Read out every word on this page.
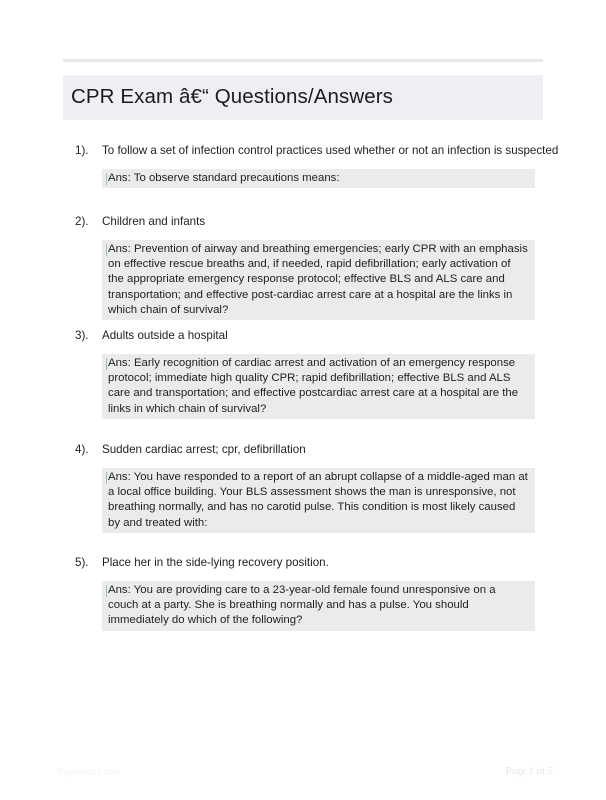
CPR Exam â€“ Questions/Answers
1). To follow a set of infection control practices used whether or not an infection is suspected
Ans: To observe standard precautions means:
2). Children and infants
Ans: Prevention of airway and breathing emergencies; early CPR with an emphasis on effective rescue breaths and, if needed, rapid defibrillation; early activation of the appropriate emergency response protocol; effective BLS and ALS care and transportation; and effective post-cardiac arrest care at a hospital are the links in which chain of survival?
3). Adults outside a hospital
Ans: Early recognition of cardiac arrest and activation of an emergency response protocol; immediate high quality CPR; rapid defibrillation; effective BLS and ALS care and transportation; and effective postcardiac arrest care at a hospital are the links in which chain of survival?
4). Sudden cardiac arrest; cpr, defibrillation
Ans: You have responded to a report of an abrupt collapse of a middle-aged man at a local office building. Your BLS assessment shows the man is unresponsive, not breathing normally, and has no carotid pulse. This condition is most likely caused by and treated with:
5). Place her in the side-lying recovery position.
Ans: You are providing care to a 23-year-old female found unresponsive on a couch at a party. She is breathing normally and has a pulse. You should immediately do which of the following?
Paperbuzz.com	Page 1 of 5
